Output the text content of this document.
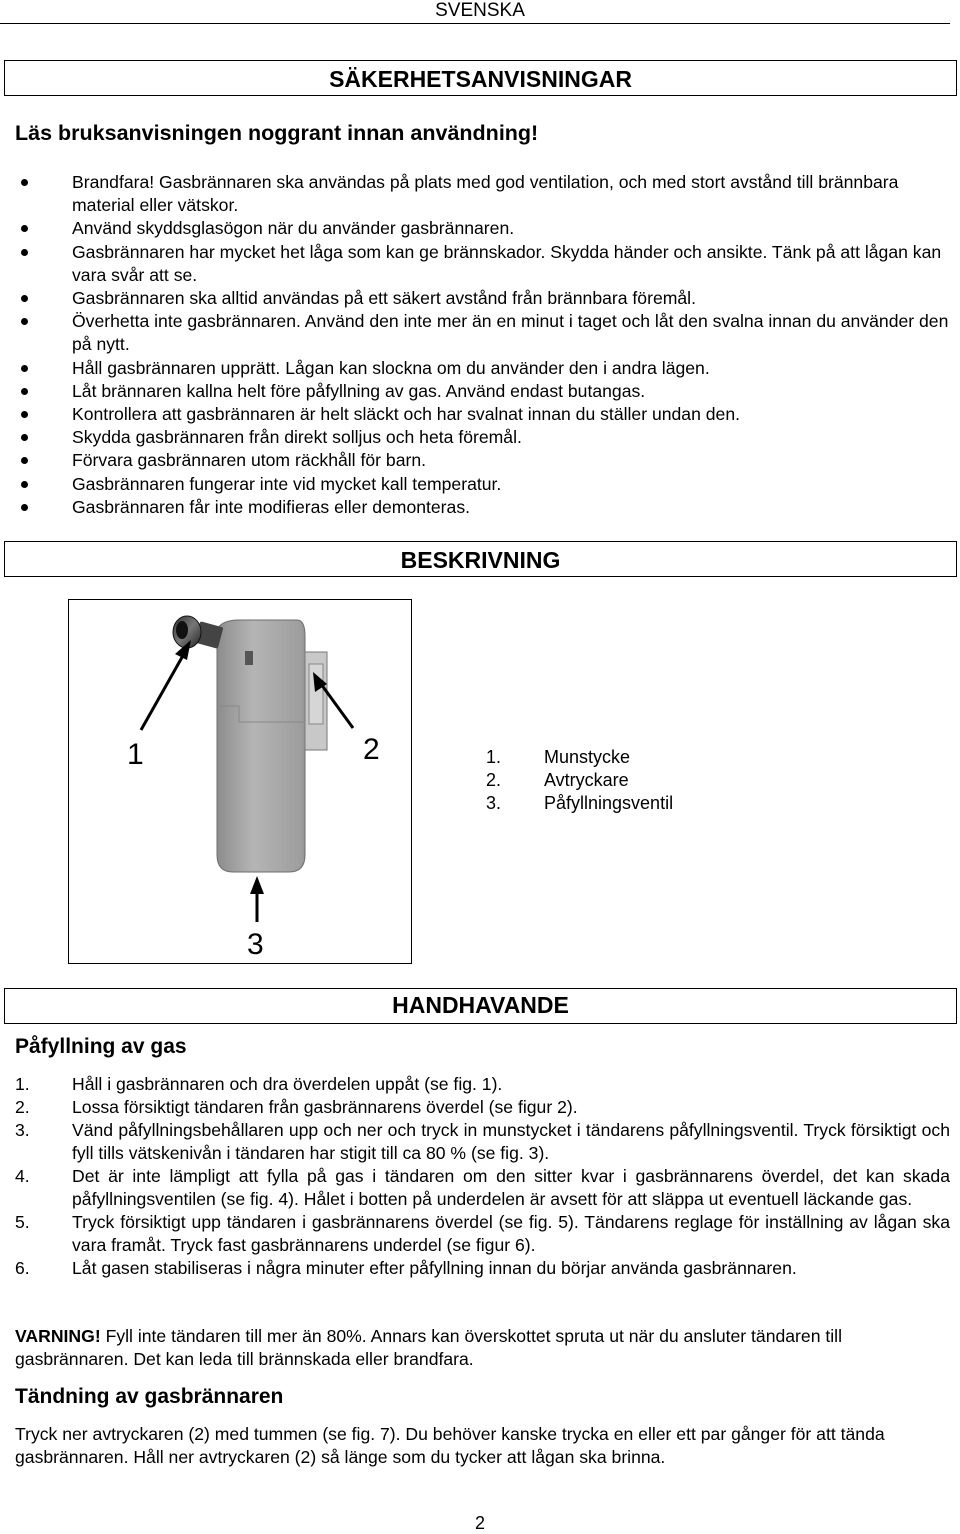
SVENSKA
SÄKERHETSANVISNINGAR
Läs bruksanvisningen noggrant innan användning!
Brandfara! Gasbrännaren ska användas på plats med god ventilation, och med stort avstånd till brännbara material eller vätskor.
Använd skyddsglasögon när du använder gasbrännaren.
Gasbrännaren har mycket het låga som kan ge brännskador. Skydda händer och ansikte. Tänk på att lågan kan vara svår att se.
Gasbrännaren ska alltid användas på ett säkert avstånd från brännbara föremål.
Överhetta inte gasbrännaren. Använd den inte mer än en minut i taget och låt den svalna innan du använder den på nytt.
Håll gasbrännaren upprätt. Lågan kan slockna om du använder den i andra lägen.
Låt brännaren kallna helt före påfyllning av gas. Använd endast butangas.
Kontrollera att gasbrännaren är helt släckt och har svalnat innan du ställer undan den.
Skydda gasbrännaren från direkt solljus och heta föremål.
Förvara gasbrännaren utom räckhåll för barn.
Gasbrännaren fungerar inte vid mycket kall temperatur.
Gasbrännaren får inte modifieras eller demonteras.
BESKRIVNING
1	2
3
1. Munstycke
2. Avtryckare
3. Påfyllningsventil
HANDHAVANDE
Påfyllning av gas
1. Håll i gasbrännaren och dra överdelen uppåt (se fig. 1).
2. Lossa försiktigt tändaren från gasbrännarens överdel (se figur 2).
3. Vänd påfyllningsbehållaren upp och ner och tryck in munstycket i tändarens påfyllningsventil. Tryck försiktigt och fyll tills vätskenivån i tändaren har stigit till ca 80 % (se fig. 3).
4. Det är inte lämpligt att fylla på gas i tändaren om den sitter kvar i gasbrännarens överdel, det kan skada påfyllningsventilen (se fig. 4). Hålet i botten på underdelen är avsett för att släppa ut eventuell läckande gas.
5. Tryck försiktigt upp tändaren i gasbrännarens överdel (se fig. 5). Tändarens reglage för inställning av lågan ska vara framåt. Tryck fast gasbrännarens underdel (se figur 6).
6. Låt gasen stabiliseras i några minuter efter påfyllning innan du börjar använda gasbrännaren.
VARNING! Fyll inte tändaren till mer än 80%. Annars kan överskottet spruta ut när du ansluter tändaren till gasbrännaren. Det kan leda till brännskada eller brandfara.
Tändning av gasbrännaren
Tryck ner avtryckaren (2) med tummen (se fig. 7). Du behöver kanske trycka en eller ett par gånger för att tända gasbrännaren. Håll ner avtryckaren (2) så länge som du tycker att lågan ska brinna.
2
